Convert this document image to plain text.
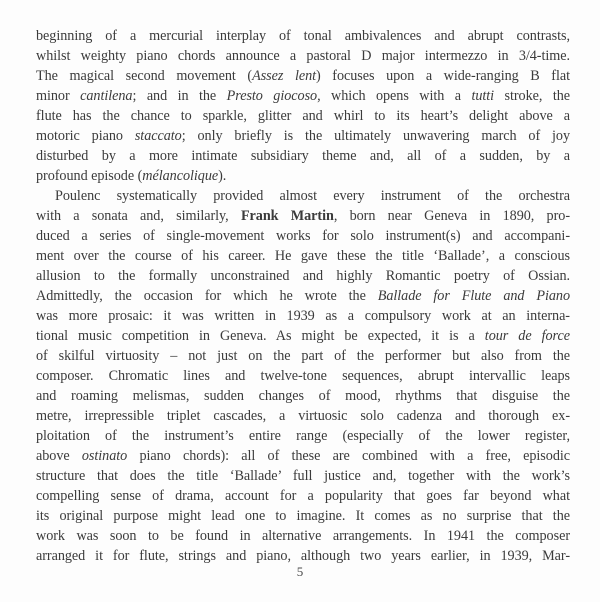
beginning of a mercurial interplay of tonal ambivalences and abrupt contrasts,
whilst weighty piano chords announce a pastoral D major intermezzo in 3/4-time.
The magical second movement (Assez lent) focuses upon a wide-ranging B flat
minor cantilena; and in the Presto giocoso, which opens with a tutti stroke, the
flute has the chance to sparkle, glitter and whirl to its heart’s delight above a
motoric piano staccato; only briefly is the ultimately unwavering march of joy
disturbed by a more intimate subsidiary theme and, all of a sudden, by a
profound episode (mélancolique).
Poulenc systematically provided almost every instrument of the orchestra
with a sonata and, similarly, Frank Martin, born near Geneva in 1890, pro-
duced a series of single-movement works for solo instrument(s) and accompani-
ment over the course of his career. He gave these the title ‘Ballade’, a conscious
allusion to the formally unconstrained and highly Romantic poetry of Ossian.
Admittedly, the occasion for which he wrote the Ballade for Flute and Piano
was more prosaic: it was written in 1939 as a compulsory work at an interna-
tional music competition in Geneva. As might be expected, it is a tour de force
of skilful virtuosity – not just on the part of the performer but also from the
composer. Chromatic lines and twelve-tone sequences, abrupt intervallic leaps
and roaming melismas, sudden changes of mood, rhythms that disguise the
metre, irrepressible triplet cascades, a virtuosic solo cadenza and thorough ex-
ploitation of the instrument’s entire range (especially of the lower register,
above ostinato piano chords): all of these are combined with a free, episodic
structure that does the title ‘Ballade’ full justice and, together with the work’s
compelling sense of drama, account for a popularity that goes far beyond what
its original purpose might lead one to imagine. It comes as no surprise that the
work was soon to be found in alternative arrangements. In 1941 the composer
arranged it for flute, strings and piano, although two years earlier, in 1939, Mar-
5
